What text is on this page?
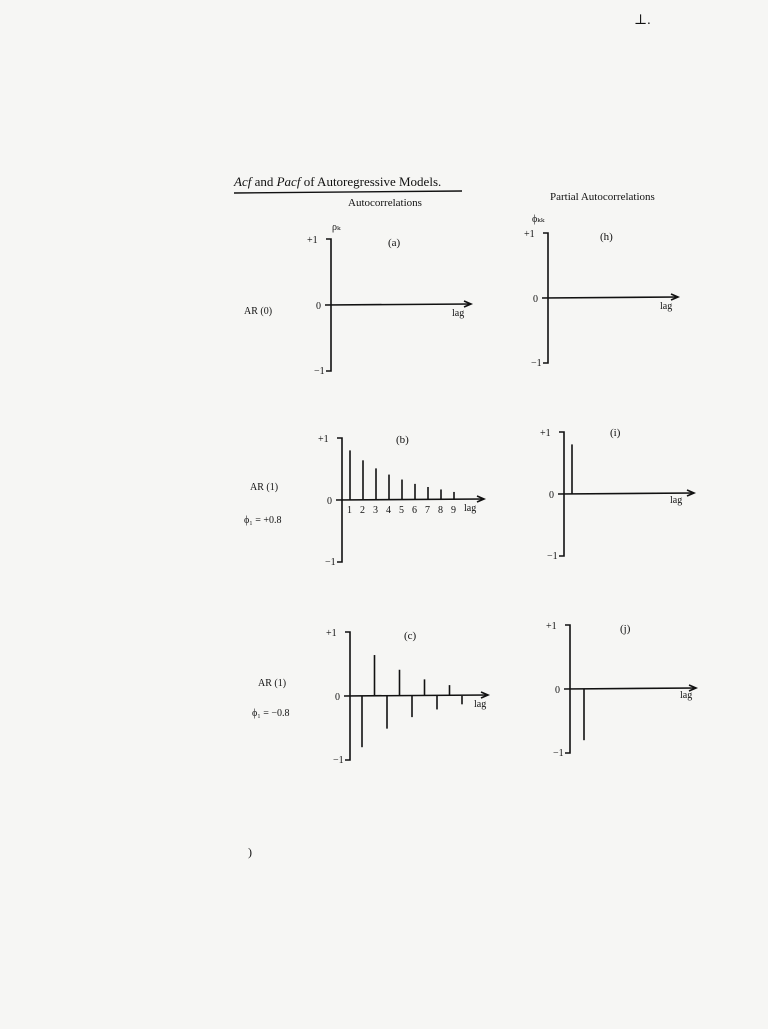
Acf and Pacf of Autoregressive Models.
Autocorrelations	Partial Autocorrelations
ρₖ
ϕₖₖ
⊥.
)
AR (0)
AR (1)
ϕ₁ = +0.8
AR (1)
ϕ₁ = −0.8
+1
0
−1
lag
(a)
+1
0
−1
lag
(b)
1 2 3 4 5 6 7 8 9
+1
0
−1
lag
(c)
+1
0
−1
lag
(h)
+1
0
−1
lag
(i)
+1
0
−1
lag
(j)
